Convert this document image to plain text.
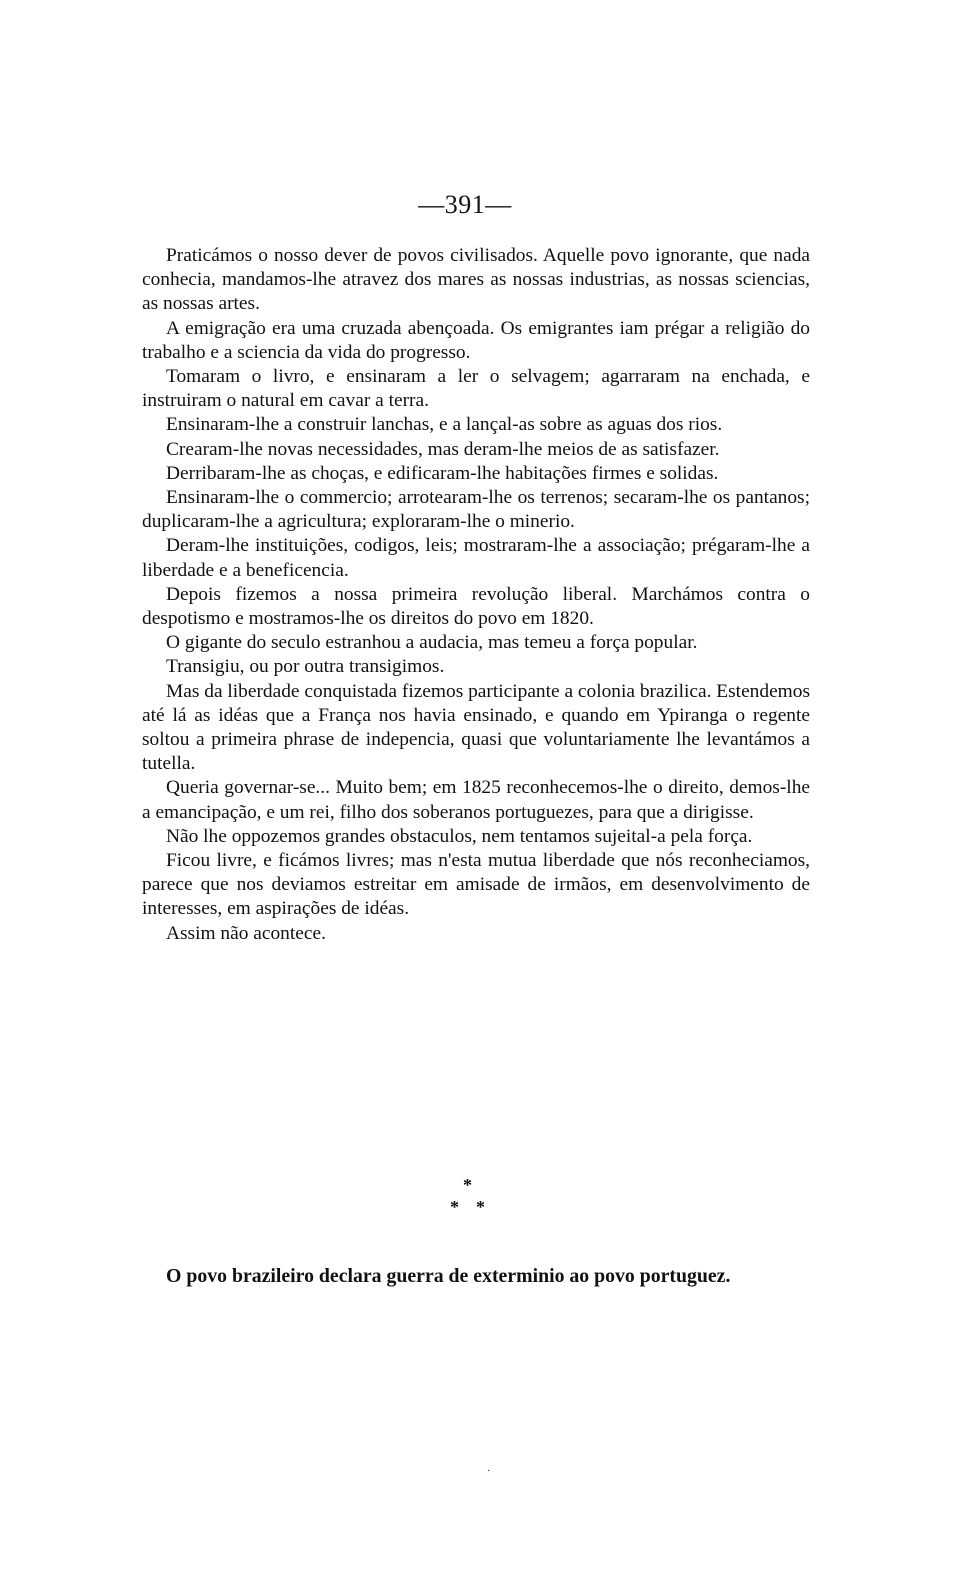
—391—

Praticámos o nosso dever de povos civilisados. Aquelle povo ignorante, que nada conhecia, mandamos-lhe atravez dos mares as nossas industrias, as nossas sciencias, as nossas artes.

A emigração era uma cruzada abençoada. Os emigrantes iam prégar a religião do trabalho e a sciencia da vida do progresso.

Tomaram o livro, e ensinaram a ler o selvagem; agarraram na enchada, e instruiram o natural em cavar a terra.

Ensinaram-lhe a construir lanchas, e a lançal-as sobre as aguas dos rios.

Crearam-lhe novas necessidades, mas deram-lhe meios de as satisfazer.

Derribaram-lhe as choças, e edificaram-lhe habitações firmes e solidas.

Ensinaram-lhe o commercio; arrotearam-lhe os terrenos; secaram-lhe os pantanos; duplicaram-lhe a agricultura; exploraram-lhe o minerio.

Deram-lhe instituições, codigos, leis; mostraram-lhe a associação; prégaram-lhe a liberdade e a beneficencia.

Depois fizemos a nossa primeira revolução liberal. Marchámos contra o despotismo e mostramos-lhe os direitos do povo em 1820.

O gigante do seculo estranhou a audacia, mas temeu a força popular.

Transigiu, ou por outra transigimos.

Mas da liberdade conquistada fizemos participante a colonia brazilica. Estendemos até lá as idéas que a França nos havia ensinado, e quando em Ypiranga o regente soltou a primeira phrase de indepencia, quasi que voluntariamente lhe levantámos a tutella.

Queria governar-se... Muito bem; em 1825 reconhecemos-lhe o direito, demos-lhe a emancipação, e um rei, filho dos soberanos portuguezes, para que a dirigisse.

Não lhe oppozemos grandes obstaculos, nem tentamos sujeital-a pela força.

Ficou livre, e ficámos livres; mas n'esta mutua liberdade que nós reconheciamos, parece que nos deviamos estreitar em amisade de irmãos, em desenvolvimento de interesses, em aspirações de idéas.

Assim não acontece.

*
* *

O povo brazileiro declara guerra de exterminio ao povo portuguez.

·
